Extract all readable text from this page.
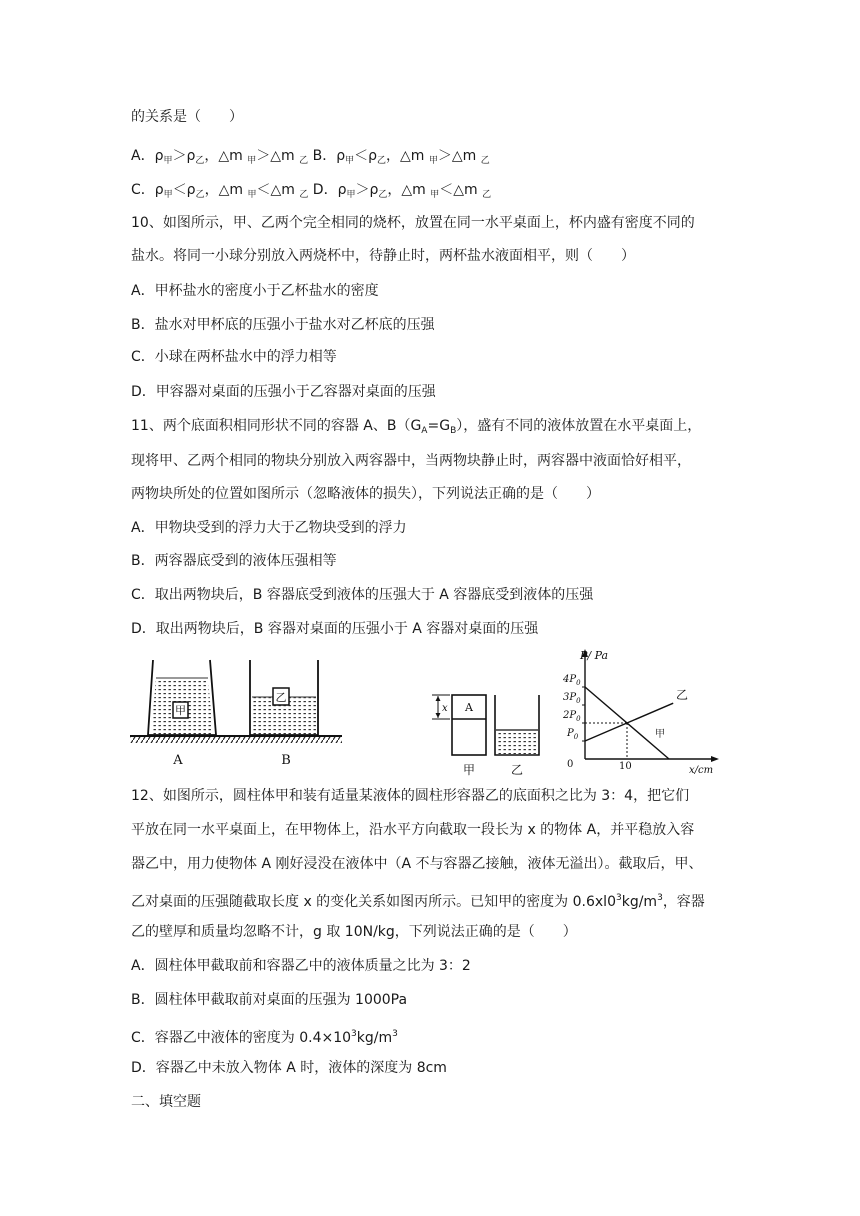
的关系是（　　）
A．$\rho_甲>\rho_乙$，△m $_甲$＞△m $_乙$ B．$\rho_甲<\rho_乙$，△m $_甲$＞△m $_乙$
C．$\rho_甲<\rho_乙$，△m $_甲$＜△m $_乙$ D．$\rho_甲>\rho_乙$，△m $_甲$＜△m $_乙$
10、如图所示，甲、乙两个完全相同的烧杯，放置在同一水平桌面上，杯内盛有密度不同的
盐水。将同一小球分别放入两烧杯中，待静止时，两杯盐水液面相平，则（　　）
A．甲杯盐水的密度小于乙杯盐水的密度
B．盐水对甲杯底的压强小于盐水对乙杯底的压强
C．小球在两杯盐水中的浮力相等
D．甲容器对桌面的压强小于乙容器对桌面的压强
11、两个底面积相同形状不同的容器 A、$B(G_A=G_B)$，盛有不同的液体放置在水平桌面上，
现将甲、乙两个相同的物块分别放入两容器中，当两物块静止时，两容器中液面恰好相平，
两物块所处的位置如图所示（忽略液体的损失），下列说法正确的是（　　）
A．甲物块受到的浮力大于乙物块受到的浮力
B．两容器底受到的液体压强相等
C．取出两物块后，B 容器底受到液体的压强大于 A 容器底受到液体的压强
D．取出两物块后，B 容器对桌面的压强小于 A 容器对桌面的压强
12、如图所示，圆柱体甲和装有适量某液体的圆柱形容器乙的底面积之比为 3：4，把它们
平放在同一水平桌面上，在甲物体上，沿水平方向截取一段长为 x 的物体 A，并平稳放入容
器乙中，用力使物体 A 刚好浸没在液体中（A 不与容器乙接触，液体无溢出）。截取后，甲、
乙对桌面的压强随截取长度 x 的变化关系如图丙所示。已知甲的密度为 $0.6xl0^3kg/m^3$，容器
乙的壁厚和质量均忽略不计，g 取 10N/kg，下列说法正确的是（　　）
A．圆柱体甲截取前和容器乙中的液体质量之比为 3：2
B．圆柱体甲截取前对桌面的压强为 1000Pa
C．容器乙中液体的密度为 $0.4\times 10^3kg/m^3$
D．容器乙中未放入物体 A 时，液体的深度为 8cm
二、填空题
甲
乙
A	B
x A
甲	乙
P/ Pa
x/cm
0
$4P_0$
$3P_0$
$2P_0$
$P_0$
10
乙
甲
